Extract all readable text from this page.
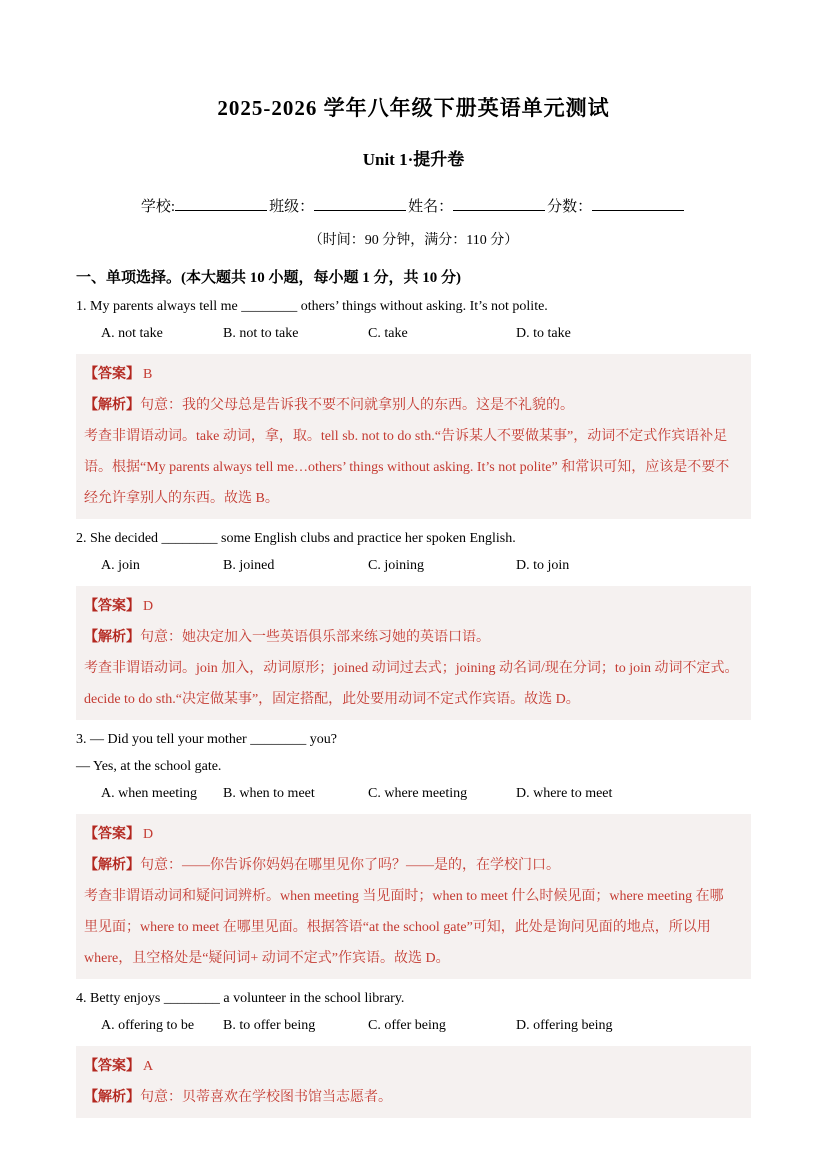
2025-2026 学年八年级下册英语单元测试
Unit 1·提升卷
学校:	班级：	姓名：	分数：

（时间：90 分钟，满分：110 分）

一、单项选择。(本大题共 10 小题，每小题 1 分，共 10 分)

1. My parents always tell me ________ others’ things without asking. It’s not polite.

A. not take	B. not to take	C. take	D. to take

【答案】 B

【解析】句意：我的父母总是告诉我不要不问就拿别人的东西。这是不礼貌的。

考查非谓语动词。take 动词，拿，取。tell sb. not to do sth.“告诉某人不要做某事”，动词不定式作宾语补足

语。根据“My parents always tell me…others’ things without asking. It’s not polite” 和常识可知，应该是不要不

经允许拿别人的东西。故选 B。

2. She decided ________ some English clubs and practice her spoken English.

A. join	B. joined	C. joining	D. to join

【答案】 D

【解析】句意：她决定加入一些英语俱乐部来练习她的英语口语。

考查非谓语动词。join 加入，动词原形；joined 动词过去式；joining 动名词/现在分词；to join 动词不定式。

decide to do sth.“决定做某事”，固定搭配，此处要用动词不定式作宾语。故选 D。

3. — Did you tell your mother ________ you?

— Yes, at the school gate.

A. when meeting	B. when to meet	C. where meeting	D. where to meet

【答案】 D

【解析】句意：——你告诉你妈妈在哪里见你了吗？——是的，在学校门口。

考查非谓语动词和疑问词辨析。when meeting 当见面时；when to meet 什么时候见面；where meeting 在哪

里见面；where to meet 在哪里见面。根据答语“at the school gate”可知，此处是询问见面的地点，所以用

where，且空格处是“疑问词+ 动词不定式”作宾语。故选 D。

4. Betty enjoys ________ a volunteer in the school library.

A. offering to be	B. to offer being	C. offer being	D. offering being

【答案】 A

【解析】句意：贝蒂喜欢在学校图书馆当志愿者。
